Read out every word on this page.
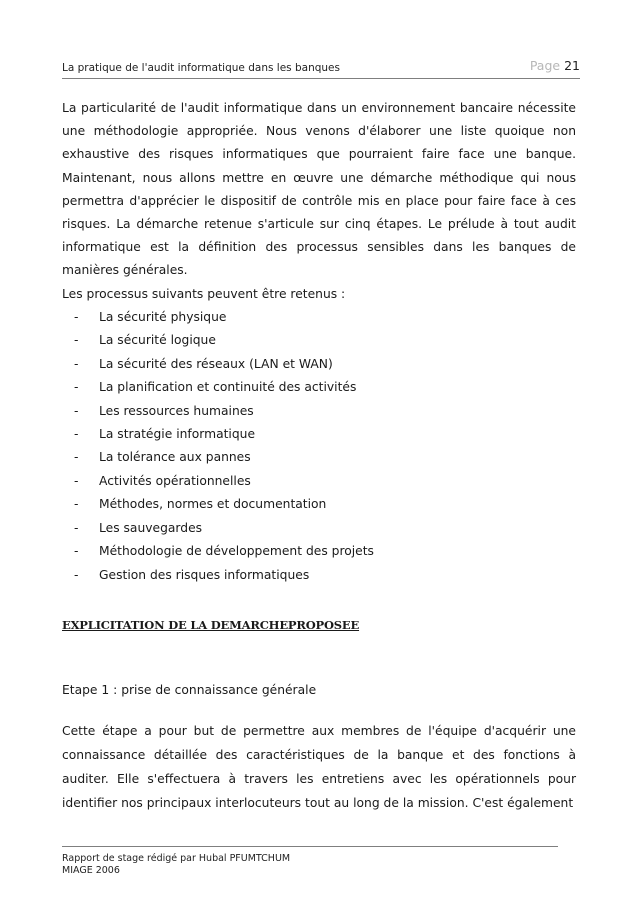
La pratique de l'audit informatique dans les banques	Page 21

La particularité de l'audit informatique dans un environnement bancaire nécessite une méthodologie appropriée. Nous venons d'élaborer une liste quoique non exhaustive des risques informatiques que pourraient faire face une banque. Maintenant, nous allons mettre en œuvre une démarche méthodique qui nous permettra d'apprécier le dispositif de contrôle mis en place pour faire face à ces risques. La démarche retenue s'articule sur cinq étapes. Le prélude à tout audit informatique est la définition des processus sensibles dans les banques de manières générales.

Les processus suivants peuvent être retenus :

La sécurité physique
La sécurité logique
La sécurité des réseaux (LAN et WAN)
La planification et continuité des activités
Les ressources humaines
La stratégie informatique
La tolérance aux pannes
Activités opérationnelles
Méthodes, normes et documentation
Les sauvegardes
Méthodologie de développement des projets
Gestion des risques informatiques
EXPLICITATION DE LA DEMARCHEPROPOSEE
Etape 1 : prise de connaissance générale

Cette étape a pour but de permettre aux membres de l'équipe d'acquérir une connaissance détaillée des caractéristiques de la banque et des fonctions à auditer. Elle s'effectuera à travers les entretiens avec les opérationnels pour identifier nos principaux interlocuteurs tout au long de la mission. C'est également

Rapport de stage rédigé par Hubal PFUMTCHUM
MIAGE 2006
